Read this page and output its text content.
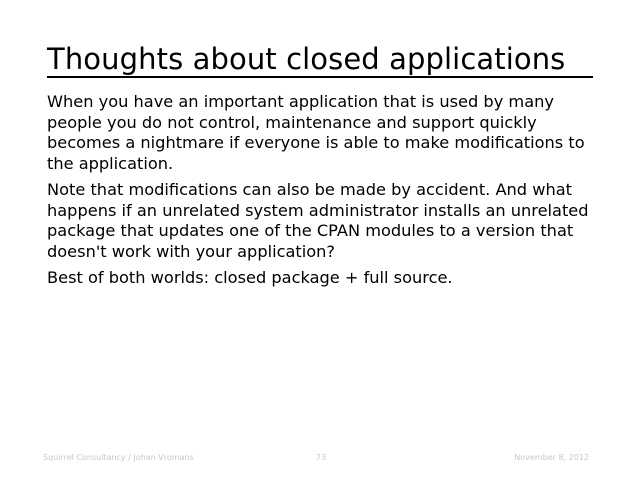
Thoughts about closed applications

When you have an important application that is used by many people you do not control, maintenance and support quickly becomes a nightmare if everyone is able to make modifications to the application.

Note that modifications can also be made by accident. And what happens if an unrelated system administrator installs an unrelated package that updates one of the CPAN modules to a version that doesn't work with your application?

Best of both worlds: closed package + full source.

Squirrel Consultancy / Johan Vromans	73	November 8, 2012
